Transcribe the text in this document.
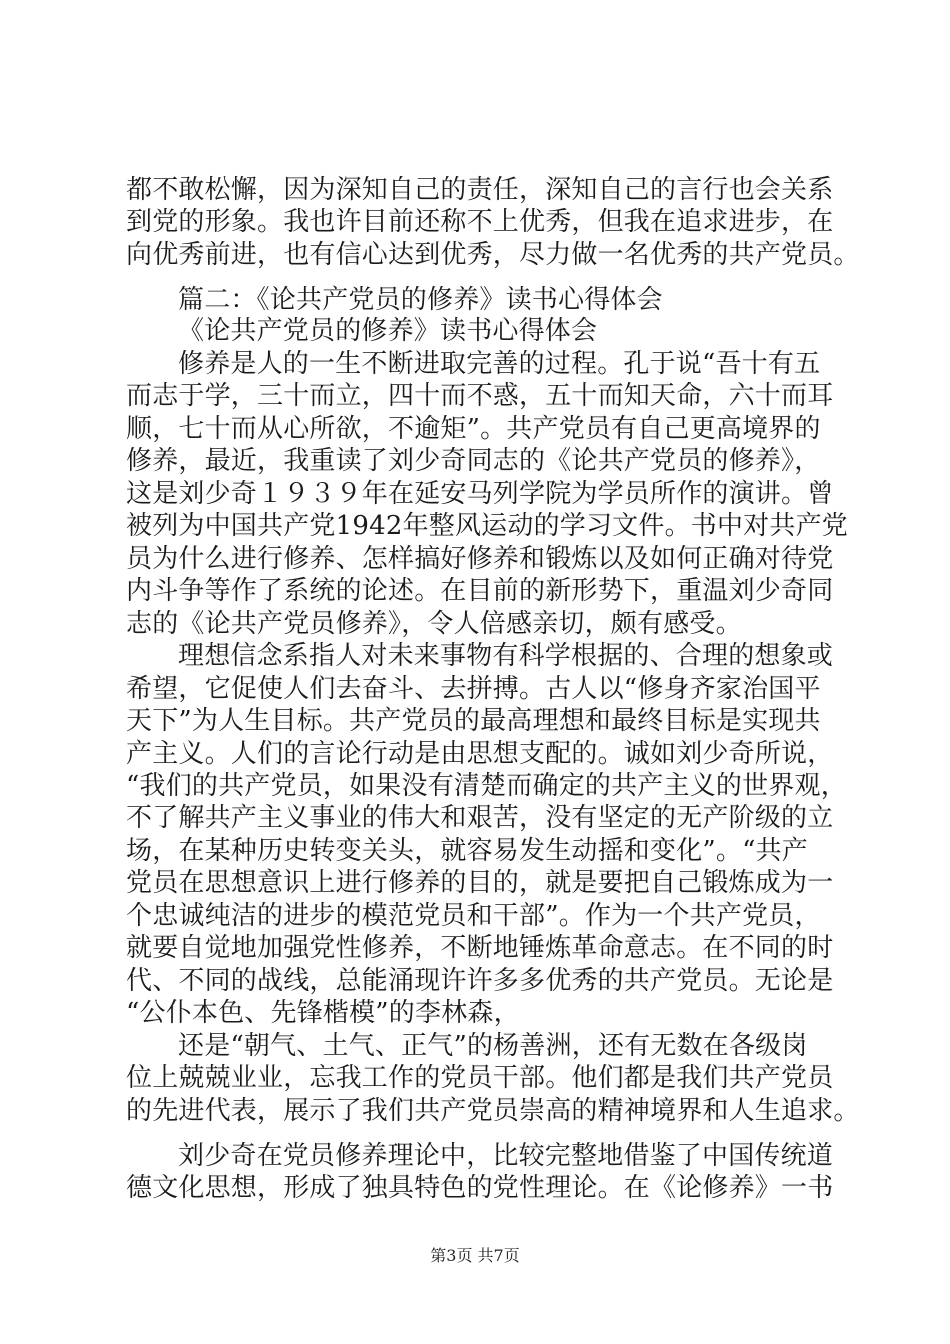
都不敢松懈，因为深知自己的责任，深知自己的言行也会关系
到党的形象。我也许目前还称不上优秀，但我在追求进步，在
向优秀前进，也有信心达到优秀，尽力做一名优秀的共产党员。
篇二：《论共产党员的修养》读书心得体会
《论共产党员的修养》读书心得体会
修养是人的一生不断进取完善的过程。孔于说“吾十有五
而志于学，三十而立，四十而不惑，五十而知天命，六十而耳
顺，七十而从心所欲，不逾矩”。共产党员有自己更高境界的
修养，最近，我重读了刘少奇同志的《论共产党员的修养》，
这是刘少奇１９３９年在延安马列学院为学员所作的演讲。曾
被列为中国共产党1942年整风运动的学习文件。书中对共产党
员为什么进行修养、怎样搞好修养和锻炼以及如何正确对待党
内斗争等作了系统的论述。在目前的新形势下，重温刘少奇同
志的《论共产党员修养》，令人倍感亲切，颇有感受。
理想信念系指人对未来事物有科学根据的、合理的想象或
希望，它促使人们去奋斗、去拼搏。古人以“修身齐家治国平
天下”为人生目标。共产党员的最高理想和最终目标是实现共
产主义。人们的言论行动是由思想支配的。诚如刘少奇所说，
“我们的共产党员，如果没有清楚而确定的共产主义的世界观，
不了解共产主义事业的伟大和艰苦，没有坚定的无产阶级的立
场，在某种历史转变关头，就容易发生动摇和变化”。“共产
党员在思想意识上进行修养的目的，就是要把自己锻炼成为一
个忠诚纯洁的进步的模范党员和干部”。作为一个共产党员，
就要自觉地加强党性修养，不断地锤炼革命意志。在不同的时
代、不同的战线，总能涌现许许多多优秀的共产党员。无论是
“公仆本色、先锋楷模”的李林森，
还是“朝气、土气、正气”的杨善洲，还有无数在各级岗
位上兢兢业业，忘我工作的党员干部。他们都是我们共产党员
的先进代表，展示了我们共产党员崇高的精神境界和人生追求。
第3页 共7页
刘少奇在党员修养理论中，比较完整地借鉴了中国传统道
德文化思想，形成了独具特色的党性理论。在《论修养》一书
